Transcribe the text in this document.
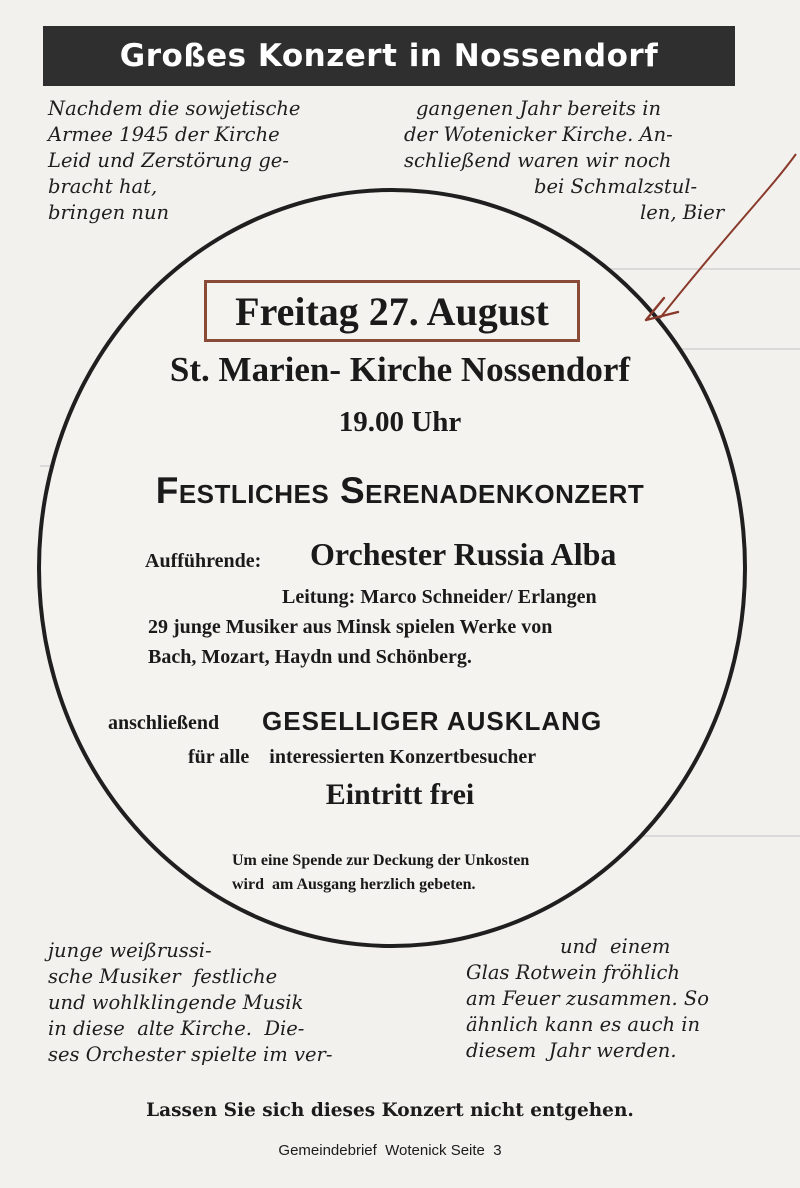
Großes Konzert in Nossendorf
Nachdem die sowjetische
Armee 1945 der Kirche
Leid und Zerstörung ge-
bracht hat,
bringen nun
gangenen Jahr bereits in
der Wotenicker Kirche. An-
schließend waren wir noch
bei Schmalzstul-
len, Bier
Freitag 27. August
St. Marien- Kirche Nossendorf
19.00 Uhr
Festliches Serenadenkonzert
Aufführende: Orchester Russia Alba
Leitung: Marco Schneider/ Erlangen
29 junge Musiker aus Minsk spielen Werke von
Bach, Mozart, Haydn und Schönberg.
anschließend GESELLIGER AUSKLANG
für alle    interessierten Konzertbesucher
Eintritt frei
Um eine Spende zur Deckung der Unkosten
wird  am Ausgang herzlich gebeten.
junge weißrussi-
sche Musiker  festliche
und wohlklingende Musik
in diese  alte Kirche.  Die-
ses Orchester spielte im ver-
und  einem
Glas Rotwein fröhlich
am Feuer zusammen. So
ähnlich kann es auch in
diesem  Jahr werden.
Lassen Sie sich dieses Konzert nicht entgehen.
Gemeindebrief  Wotenick Seite  3
